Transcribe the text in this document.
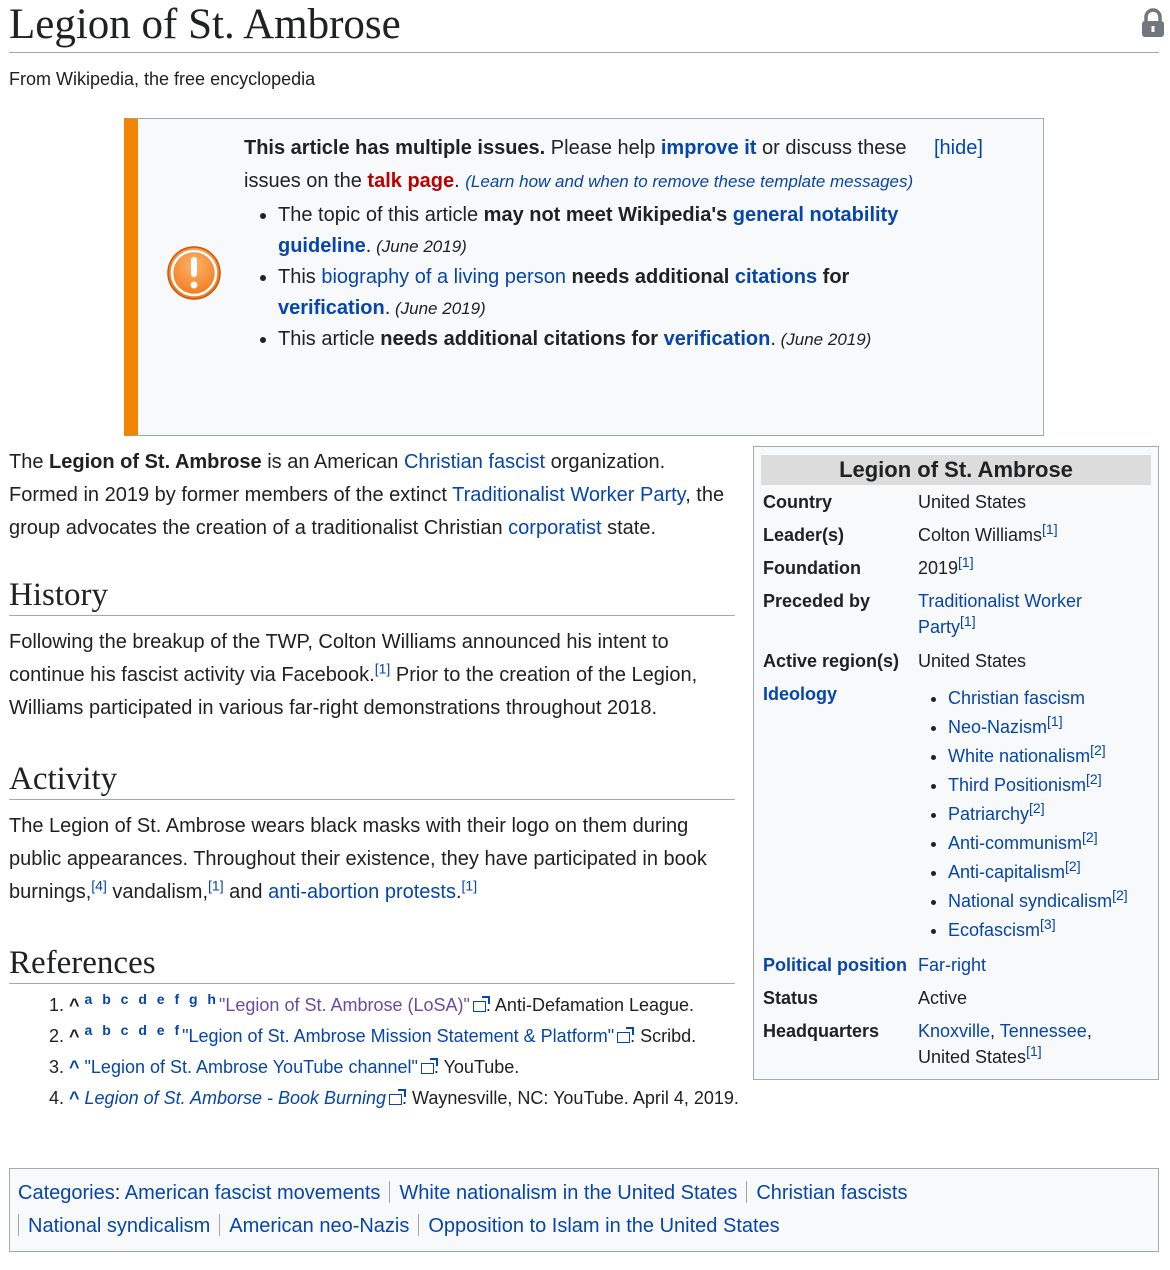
Legion of St. Ambrose
From Wikipedia, the free encyclopedia
This article has multiple issues. Please help improve it or discuss these issues on the talk page. (Learn how and when to remove these template messages)
• The topic of this article may not meet Wikipedia's general notability guideline. (June 2019)
• This biography of a living person needs additional citations for verification. (June 2019)
• This article needs additional citations for verification. (June 2019)
[hide]

The Legion of St. Ambrose is an American Christian fascist organization. Formed in 2019 by former members of the extinct Traditionalist Worker Party, the group advocates the creation of a traditionalist Christian corporatist state.

History

Following the breakup of the TWP, Colton Williams announced his intent to continue his fascist activity via Facebook.[1] Prior to the creation of the Legion, Williams participated in various far-right demonstrations throughout 2018.

Activity

The Legion of St. Ambrose wears black masks with their logo on them during public appearances. Throughout their existence, they have participated in book burnings,[4] vandalism,[1] and anti-abortion protests.[1]

References
1. ^ $^{a b c d e f g h}$"Legion of St. Ambrose (LoSA)" . Anti-Defamation League.
2. ^ $^{a b c d e f}$"Legion of St. Ambrose Mission Statement & Platform" . Scribd.
3. ^ "Legion of St. Ambrose YouTube channel" . YouTube.
4. ^ Legion of St. Amborse - Book Burning . Waynesville, NC: YouTube. April 4, 2019.
Legion of St. Ambrose
Country	United States
Leader(s)	Colton Williams[1]
Foundation	2019[1]
Preceded by	Traditionalist Worker Party[1]
Active region(s)	United States
Ideology
•	Christian fascism
• Neo-Nazism[1]
• White nationalism[2]
• Third Positionism[2]
• Patriarchy[2]
• Anti-communism[2]
• Anti-capitalism[2]
• National syndicalism[2]
• Ecofascism[3]
Political position Far-right
Status	Active
Headquarters	Knoxville, Tennessee, United States[1]
Categories: American fascist movements White nationalism in the United States Christian fascists
National syndicalism American neo-Nazis Opposition to Islam in the United States
